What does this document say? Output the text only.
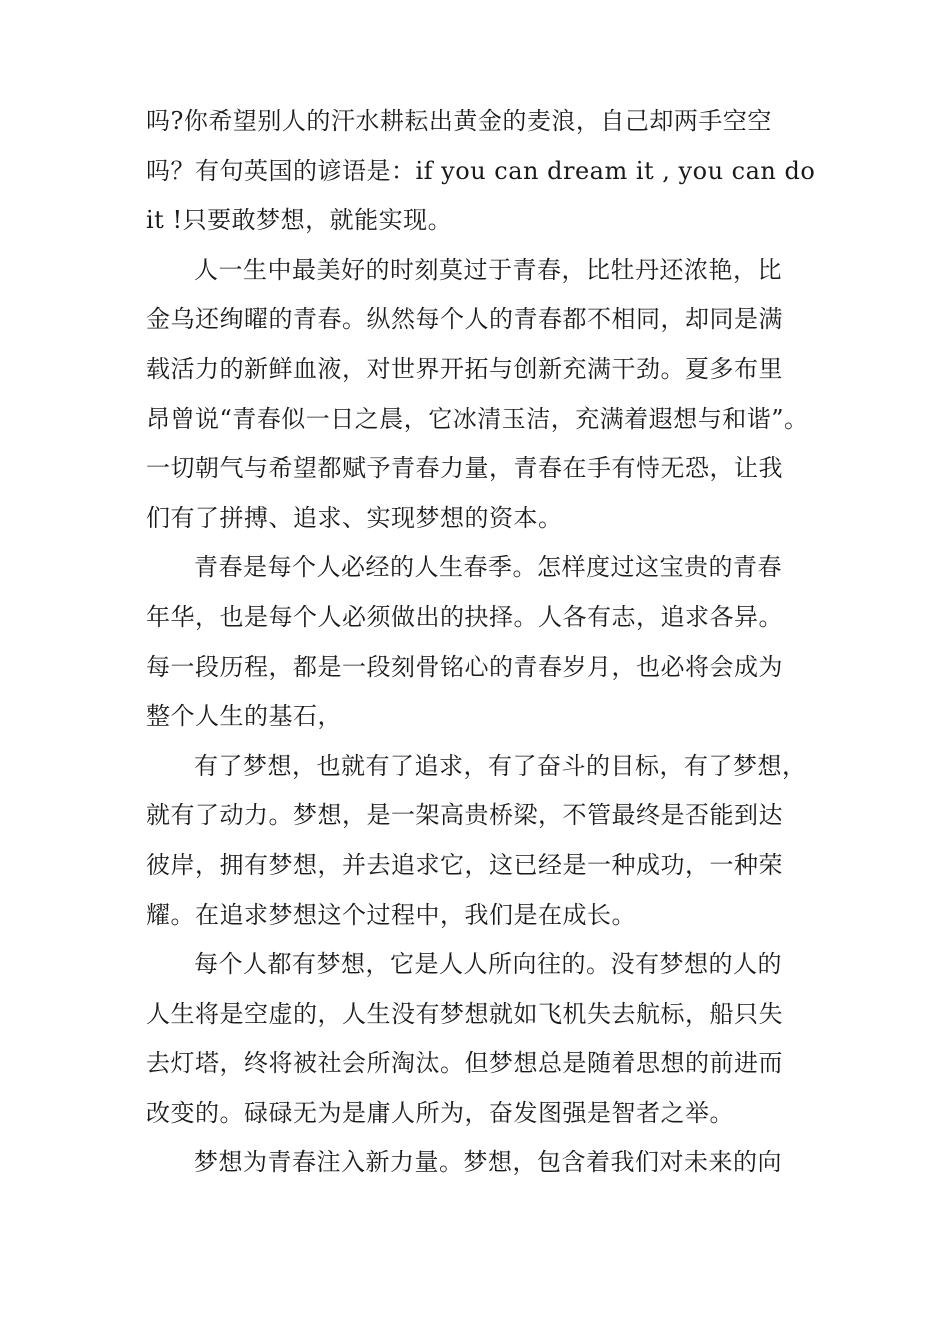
吗?你希望别人的汗水耕耘出黄金的麦浪，自己却两手空空
吗？有句英国的谚语是：if you can dream it , you can do
it !只要敢梦想，就能实现。

人一生中最美好的时刻莫过于青春，比牡丹还浓艳，比
金乌还绚曜的青春。纵然每个人的青春都不相同，却同是满
载活力的新鲜血液，对世界开拓与创新充满干劲。夏多布里
昂曾说“青春似一日之晨，它冰清玉洁，充满着遐想与和谐”。
一切朝气与希望都赋予青春力量，青春在手有恃无恐，让我
们有了拼搏、追求、实现梦想的资本。

青春是每个人必经的人生春季。怎样度过这宝贵的青春
年华，也是每个人必须做出的抉择。人各有志，追求各异。
每一段历程，都是一段刻骨铭心的青春岁月，也必将会成为
整个人生的基石，

有了梦想，也就有了追求，有了奋斗的目标，有了梦想，
就有了动力。梦想，是一架高贵桥梁，不管最终是否能到达
彼岸，拥有梦想，并去追求它，这已经是一种成功，一种荣
耀。在追求梦想这个过程中，我们是在成长。

每个人都有梦想，它是人人所向往的。没有梦想的人的
人生将是空虚的，人生没有梦想就如飞机失去航标，船只失
去灯塔，终将被社会所淘汰。但梦想总是随着思想的前进而
改变的。碌碌无为是庸人所为，奋发图强是智者之举。

梦想为青春注入新力量。梦想，包含着我们对未来的向
